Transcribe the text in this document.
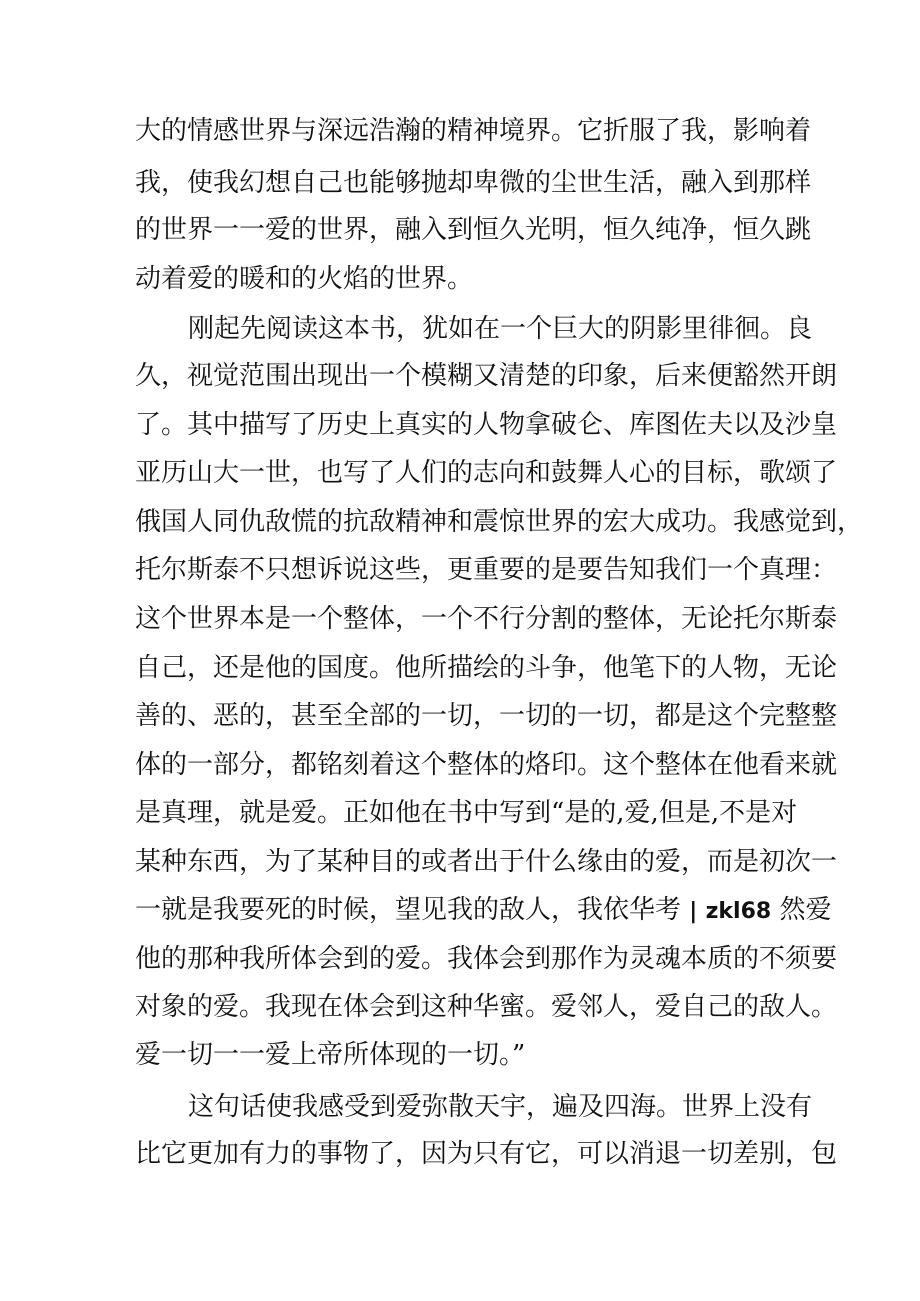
大的情感世界与深远浩瀚的精神境界。它折服了我，影响着
我，使我幻想自己也能够抛却卑微的尘世生活，融入到那样
的世界一一爱的世界，融入到恒久光明，恒久纯净，恒久跳
动着爱的暖和的火焰的世界。
刚起先阅读这本书，犹如在一个巨大的阴影里徘徊。良
久，视觉范围出现出一个模糊又清楚的印象，后来便豁然开朗
了。其中描写了历史上真实的人物拿破仑、库图佐夫以及沙皇
亚历山大一世，也写了人们的志向和鼓舞人心的目标，歌颂了
俄国人同仇敌慌的抗敌精神和震惊世界的宏大成功。我感觉到，
托尔斯泰不只想诉说这些，更重要的是要告知我们一个真理：
这个世界本是一个整体，一个不行分割的整体，无论托尔斯泰
自己，还是他的国度。他所描绘的斗争，他笔下的人物，无论
善的、恶的，甚至全部的一切，一切的一切，都是这个完整整
体的一部分，都铭刻着这个整体的烙印。这个整体在他看来就
是真理，就是爱。正如他在书中写到“是的,爱,但是,不是对
某种东西，为了某种目的或者出于什么缘由的爱，而是初次一
一就是我要死的时候，望见我的敌人，我依华考 | zkl68 然爱
他的那种我所体会到的爱。我体会到那作为灵魂本质的不须要
对象的爱。我现在体会到这种华蜜。爱邻人，爱自己的敌人。
爱一切一一爱上帝所体现的一切。”
这句话使我感受到爱弥散天宇，遍及四海。世界上没有
比它更加有力的事物了，因为只有它，可以消退一切差别，包
